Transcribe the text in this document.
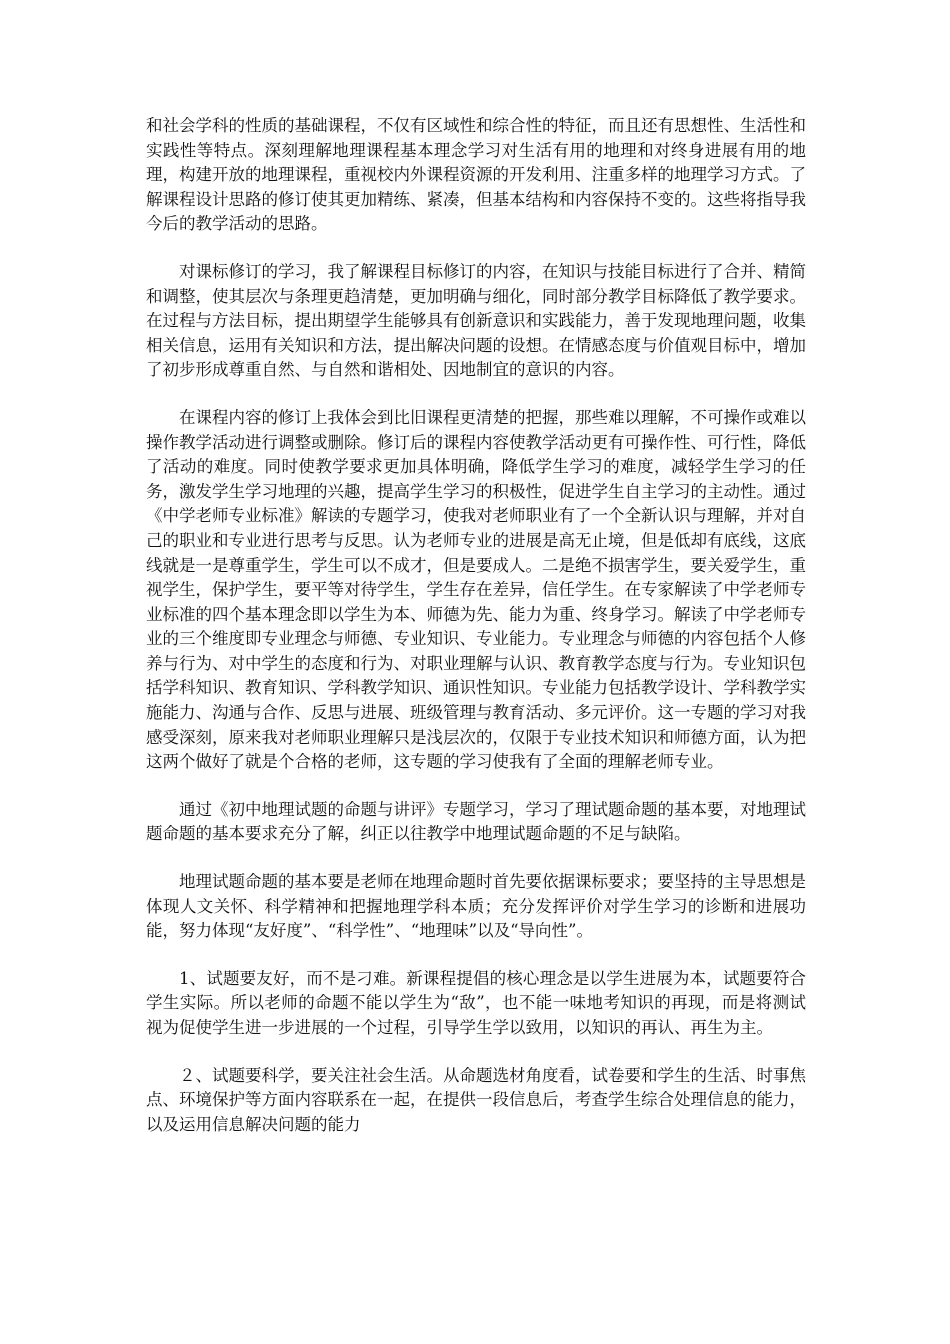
和社会学科的性质的基础课程，不仅有区域性和综合性的特征，而且还有思想性、生活性和实践性等特点。深刻理解地理课程基本理念学习对生活有用的地理和对终身进展有用的地理，构建开放的地理课程，重视校内外课程资源的开发利用、注重多样的地理学习方式。了解课程设计思路的修订使其更加精练、紧凑，但基本结构和内容保持不变的。这些将指导我今后的教学活动的思路。

对课标修订的学习，我了解课程目标修订的内容，在知识与技能目标进行了合并、精简和调整，使其层次与条理更趋清楚，更加明确与细化，同时部分教学目标降低了教学要求。在过程与方法目标，提出期望学生能够具有创新意识和实践能力，善于发现地理问题，收集相关信息，运用有关知识和方法，提出解决问题的设想。在情感态度与价值观目标中，增加了初步形成尊重自然、与自然和谐相处、因地制宜的意识的内容。

在课程内容的修订上我体会到比旧课程更清楚的把握，那些难以理解，不可操作或难以操作教学活动进行调整或删除。修订后的课程内容使教学活动更有可操作性、可行性，降低了活动的难度。同时使教学要求更加具体明确，降低学生学习的难度，减轻学生学习的任务，激发学生学习地理的兴趣，提高学生学习的积极性，促进学生自主学习的主动性。通过《中学老师专业标准》解读的专题学习，使我对老师职业有了一个全新认识与理解，并对自己的职业和专业进行思考与反思。认为老师专业的进展是高无止境，但是低却有底线，这底线就是一是尊重学生，学生可以不成才，但是要成人。二是绝不损害学生，要关爱学生，重视学生，保护学生，要平等对待学生，学生存在差异，信任学生。在专家解读了中学老师专业标准的四个基本理念即以学生为本、师德为先、能力为重、终身学习。解读了中学老师专业的三个维度即专业理念与师德、专业知识、专业能力。专业理念与师德的内容包括个人修养与行为、对中学生的态度和行为、对职业理解与认识、教育教学态度与行为。专业知识包括学科知识、教育知识、学科教学知识、通识性知识。专业能力包括教学设计、学科教学实施能力、沟通与合作、反思与进展、班级管理与教育活动、多元评价。这一专题的学习对我感受深刻，原来我对老师职业理解只是浅层次的，仅限于专业技术知识和师德方面，认为把这两个做好了就是个合格的老师，这专题的学习使我有了全面的理解老师专业。

通过《初中地理试题的命题与讲评》专题学习，学习了理试题命题的基本要，对地理试题命题的基本要求充分了解，纠正以往教学中地理试题命题的不足与缺陷。

地理试题命题的基本要是老师在地理命题时首先要依据课标要求；要坚持的主导思想是体现人文关怀、科学精神和把握地理学科本质；充分发挥评价对学生学习的诊断和进展功能，努力体现“友好度”、“科学性”、“地理味”以及“导向性”。

1、试题要友好，而不是刁难。新课程提倡的核心理念是以学生进展为本，试题要符合学生实际。所以老师的命题不能以学生为“敌”，也不能一味地考知识的再现，而是将测试视为促使学生进一步进展的一个过程，引导学生学以致用，以知识的再认、再生为主。

２、试题要科学，要关注社会生活。从命题选材角度看，试卷要和学生的生活、时事焦点、环境保护等方面内容联系在一起，在提供一段信息后，考查学生综合处理信息的能力，以及运用信息解决问题的能力
